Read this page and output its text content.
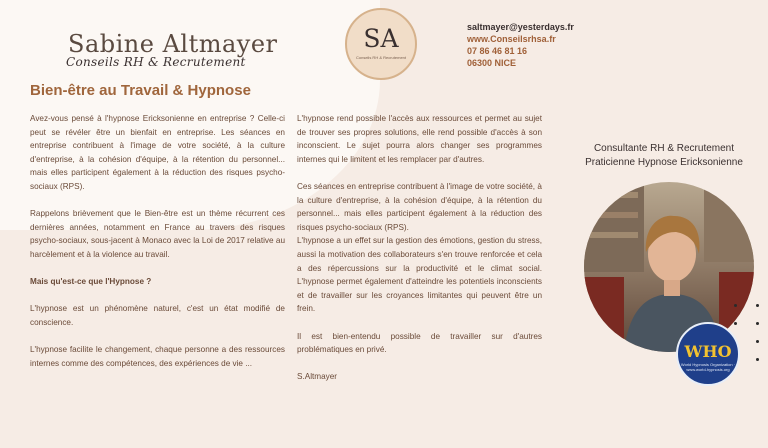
Sabine Altmayer
Conseils RH & Recrutement
SA
Conseils RH & Recrutement
saltmayer@yesterdays.fr
www.Conseilsrhsa.fr
07 86 46 81 16
06300 NICE
Bien-être au Travail & Hypnose

Avez-vous pensé à l'hypnose Ericksonienne en entreprise ? Celle-ci peut se révéler être un bienfait en entreprise. Les séances en entreprise contribuent à l'image de votre société, à la culture d'entreprise, à la cohésion d'équipe, à la rétention du personnel... mais elles participent également à la réduction des risques psycho-sociaux (RPS).

Rappelons brièvement que le Bien-être est un thème récurrent ces dernières années, notamment en France au travers des risques psycho-sociaux, sous-jacent à Monaco avec la Loi de 2017 relative au harcèlement et à la violence au travail.

Mais qu'est-ce que l'Hypnose ?

L'hypnose est un phénomène naturel, c'est un état modifié de conscience.

L'hypnose facilite le changement, chaque personne a des ressources internes comme des compétences, des expériences de vie ...

L'hypnose rend possible l'accès aux ressources et permet au sujet de trouver ses propres solutions, elle rend possible d'accès à son inconscient. Le sujet pourra alors changer ses programmes internes qui le limitent et les remplacer par d'autres.

Ces séances en entreprise contribuent à l'image de votre société, à la culture d'entreprise, à la cohésion d'équipe, à la rétention du personnel... mais elles participent également à la réduction des risques psycho-sociaux (RPS).

L'hypnose a un effet sur la gestion des émotions, gestion du stress, aussi la motivation des collaborateurs s'en trouve renforcée et cela a des répercussions sur la productivité et le climat social. L'hypnose permet également d'atteindre les potentiels inconscients et de travailler sur les croyances limitantes qui peuvent être un frein.

Il est bien-entendu possible de travailler sur d'autres problématiques en privé.

S.Altmayer

Consultante RH & Recrutement
Praticienne Hypnose Ericksonienne
WHO
World Hypnosis Organization · www.world-hypnosis.org
